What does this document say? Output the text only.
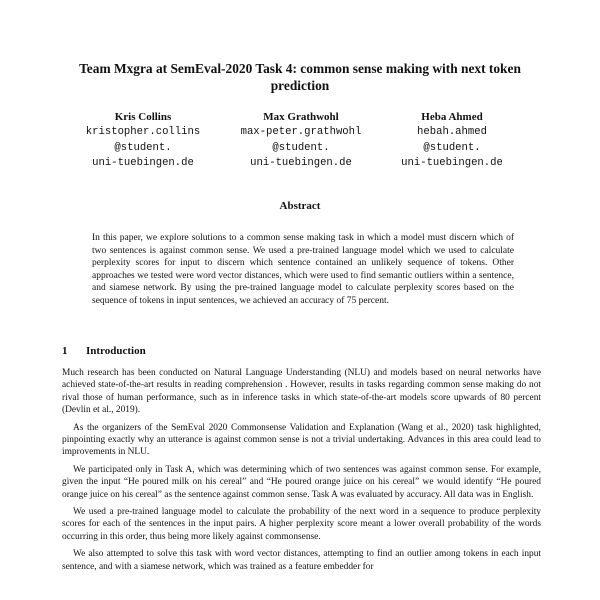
Team Mxgra at SemEval-2020 Task 4: common sense making with next token prediction
Kris Collins
kristopher.collins
@student.
uni-tuebingen.de
Max Grathwohl
max-peter.grathwohl
@student.
uni-tuebingen.de
Heba Ahmed
hebah.ahmed
@student.
uni-tuebingen.de
Abstract
In this paper, we explore solutions to a common sense making task in which a model must discern which of two sentences is against common sense. We used a pre-trained language model which we used to calculate perplexity scores for input to discern which sentence contained an unlikely sequence of tokens. Other approaches we tested were word vector distances, which were used to find semantic outliers within a sentence, and siamese network. By using the pre-trained language model to calculate perplexity scores based on the sequence of tokens in input sentences, we achieved an accuracy of 75 percent.
1 Introduction

Much research has been conducted on Natural Language Understanding (NLU) and models based on neural networks have achieved state-of-the-art results in reading comprehension . However, results in tasks regarding common sense making do not rival those of human performance, such as in inference tasks in which state-of-the-art models score upwards of 80 percent (Devlin et al., 2019).

As the organizers of the SemEval 2020 Commonsense Validation and Explanation (Wang et al., 2020) task highlighted, pinpointing exactly why an utterance is against common sense is not a trivial undertaking. Advances in this area could lead to improvements in NLU.

We participated only in Task A, which was determining which of two sentences was against common sense. For example, given the input “He poured milk on his cereal” and “He poured orange juice on his cereal” we would identify “He poured orange juice on his cereal” as the sentence against common sense. Task A was evaluated by accuracy. All data was in English.

We used a pre-trained language model to calculate the probability of the next word in a sequence to produce perplexity scores for each of the sentences in the input pairs. A higher perplexity score meant a lower overall probability of the words occurring in this order, thus being more likely against commonsense.

We also attempted to solve this task with word vector distances, attempting to find an outlier among tokens in each input sentence, and with a siamese network, which was trained as a feature embedder for
